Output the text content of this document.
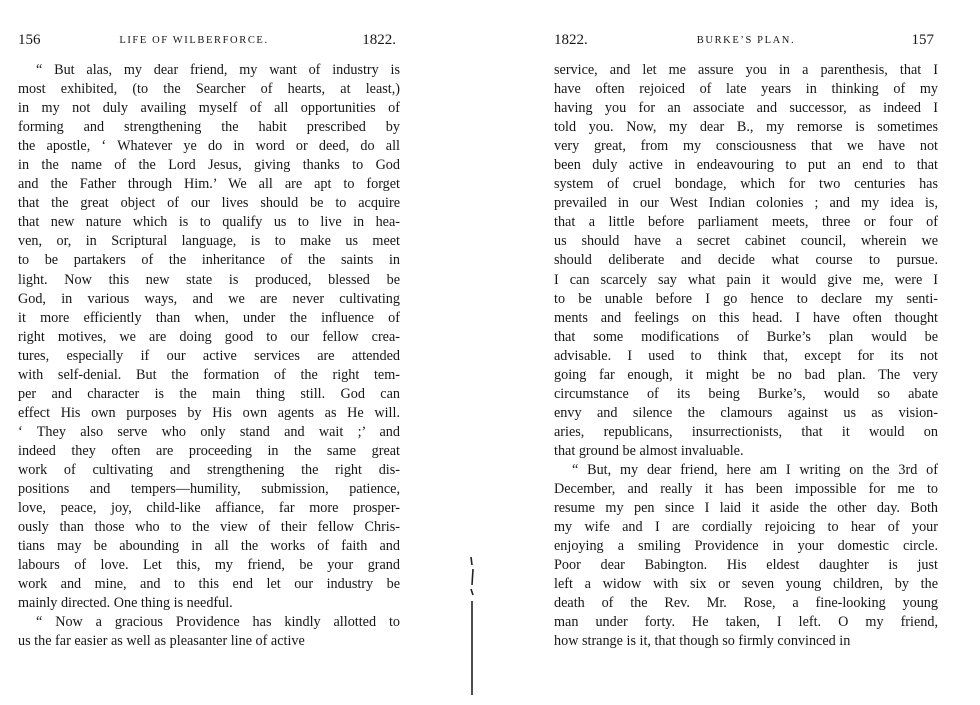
156	LIFE OF WILBERFORCE.	1822.
“ But alas, my dear friend, my want of industry is
most exhibited, (to the Searcher of hearts, at least,)
in my not duly availing myself of all opportunities of
forming and strengthening the habit prescribed by
the apostle, ‘ Whatever ye do in word or deed, do all
in the name of the Lord Jesus, giving thanks to God
and the Father through Him.’ We all are apt to forget
that the great object of our lives should be to acquire
that new nature which is to qualify us to live in hea-
ven, or, in Scriptural language, is to make us meet
to be partakers of the inheritance of the saints in
light. Now this new state is produced, blessed be
God, in various ways, and we are never cultivating
it more efficiently than when, under the influence of
right motives, we are doing good to our fellow crea-
tures, especially if our active services are attended
with self-denial. But the formation of the right tem-
per and character is the main thing still. God can
effect His own purposes by His own agents as He will.
‘ They also serve who only stand and wait ;’ and
indeed they often are proceeding in the same great
work of cultivating and strengthening the right dis-
positions and tempers—humility, submission, patience,
love, peace, joy, child-like affiance, far more prosper-
ously than those who to the view of their fellow Chris-
tians may be abounding in all the works of faith and
labours of love. Let this, my friend, be your grand
work and mine, and to this end let our industry be
mainly directed. One thing is needful.
“ Now a gracious Providence has kindly allotted to
us the far easier as well as pleasanter line of active
1822.	BURKE’S PLAN.	157
service, and let me assure you in a parenthesis, that I
have often rejoiced of late years in thinking of my
having you for an associate and successor, as indeed I
told you. Now, my dear B., my remorse is sometimes
very great, from my consciousness that we have not
been duly active in endeavouring to put an end to that
system of cruel bondage, which for two centuries has
prevailed in our West Indian colonies ; and my idea is,
that a little before parliament meets, three or four of
us should have a secret cabinet council, wherein we
should deliberate and decide what course to pursue.
I can scarcely say what pain it would give me, were I
to be unable before I go hence to declare my senti-
ments and feelings on this head. I have often thought
that some modifications of Burke’s plan would be
advisable. I used to think that, except for its not
going far enough, it might be no bad plan. The very
circumstance of its being Burke’s, would so abate
envy and silence the clamours against us as vision-
aries, republicans, insurrectionists, that it would on
that ground be almost invaluable.
“ But, my dear friend, here am I writing on the 3rd of
December, and really it has been impossible for me to
resume my pen since I laid it aside the other day. Both
my wife and I are cordially rejoicing to hear of your
enjoying a smiling Providence in your domestic circle.
Poor dear Babington. His eldest daughter is just
left a widow with six or seven young children, by the
death of the Rev. Mr. Rose, a fine-looking young
man under forty. He taken, I left. O my friend,
how strange is it, that though so firmly convinced in
